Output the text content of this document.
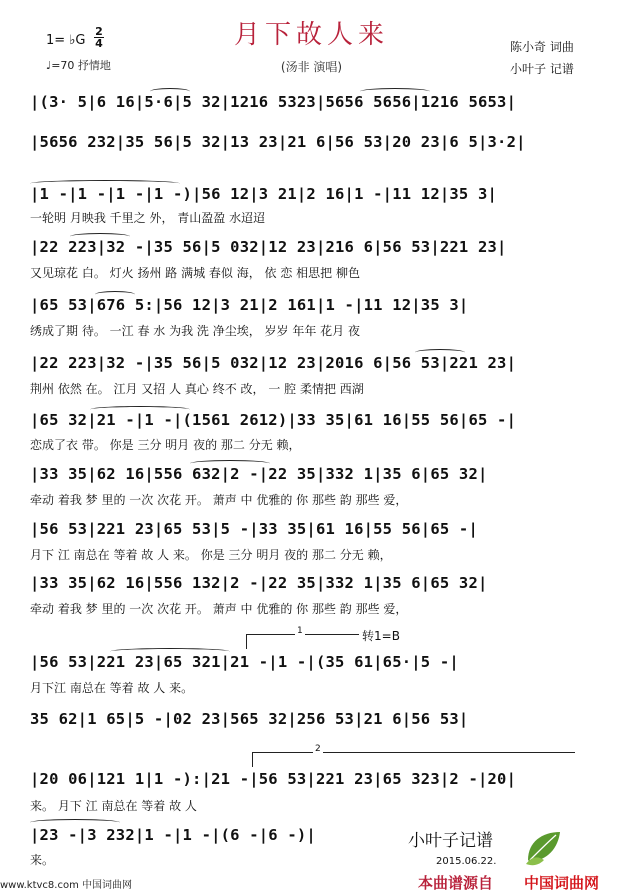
月下故人来
(汤非 演唱)
1= ♭G
2
4
♩=70 抒情地
陈小奇 词曲
小叶子 记谱
|(3· 5|6 16|5·6|5 32|1216 5323|5656 5656|1216 5653|
|5656 232|35 56|5 32|13 23|21 6|56 53|20 23|6 5|3·2|
|1 -|1 -|1 -|1 -)|56 12|3 21|2 16|1 -|11 12|35 3|
一轮明 月映我 千里之 外， 青山盈盈 水迢迢
|22 223|32 -|35 56|5 032|12 23|216 6|56 53|221 23|
又见琼花 白。 灯火 扬州 路 满城 春似 海， 依 恋 相思把 柳色
|65 53|676 5:|56 12|3 21|2 161|1 -|11 12|35 3|
绣成了期 待。 一江 春 水 为我 洗 净尘埃， 岁岁 年年 花月 夜
|22 223|32 -|35 56|5 032|12 23|2016 6|56 53|221 23|
荆州 依然 在。 江月 又招 人 真心 终不 改， 一 腔 柔情把 西湖
|65 32|21 -|1 -|(1561 2612)|33 35|61 16|55 56|65 -|
恋成了衣 带。 你是 三分 明月 夜的 那二 分无 赖，
|33 35|62 16|556 632|2 -|22 35|332 1|35 6|65 32|
牵动 着我 梦 里的 一次 次花 开。 萧声 中 优雅的 你 那些 韵 那些 爱，
|56 53|221 23|65 53|5 -|33 35|61 16|55 56|65 -|
月下 江 南总在 等着 故 人 来。 你是 三分 明月 夜的 那二 分无 赖，
|33 35|62 16|556 132|2 -|22 35|332 1|35 6|65 32|
牵动 着我 梦 里的 一次 次花 开。 萧声 中 优雅的 你 那些 韵 那些 爱，
1	转1=B
|56 53|221 23|65 321|21 -|1 -|(35 61|65·|5 -|
月下江 南总在 等着 故 人 来。
35 62|1 65|5 -|02 23|565 32|256 53|21 6|56 53|
2
|20 06|121 1|1 -):|21 -|56 53|221 23|65 323|2 -|20|
来。 月下 江 南总在 等着 故 人
|23 -|3 232|1 -|1 -|(6 -|6 -)|
来。
小叶子记谱
2015.06.22.
www.ktvc8.com 中国词曲网	本曲谱源自 中国词曲网
